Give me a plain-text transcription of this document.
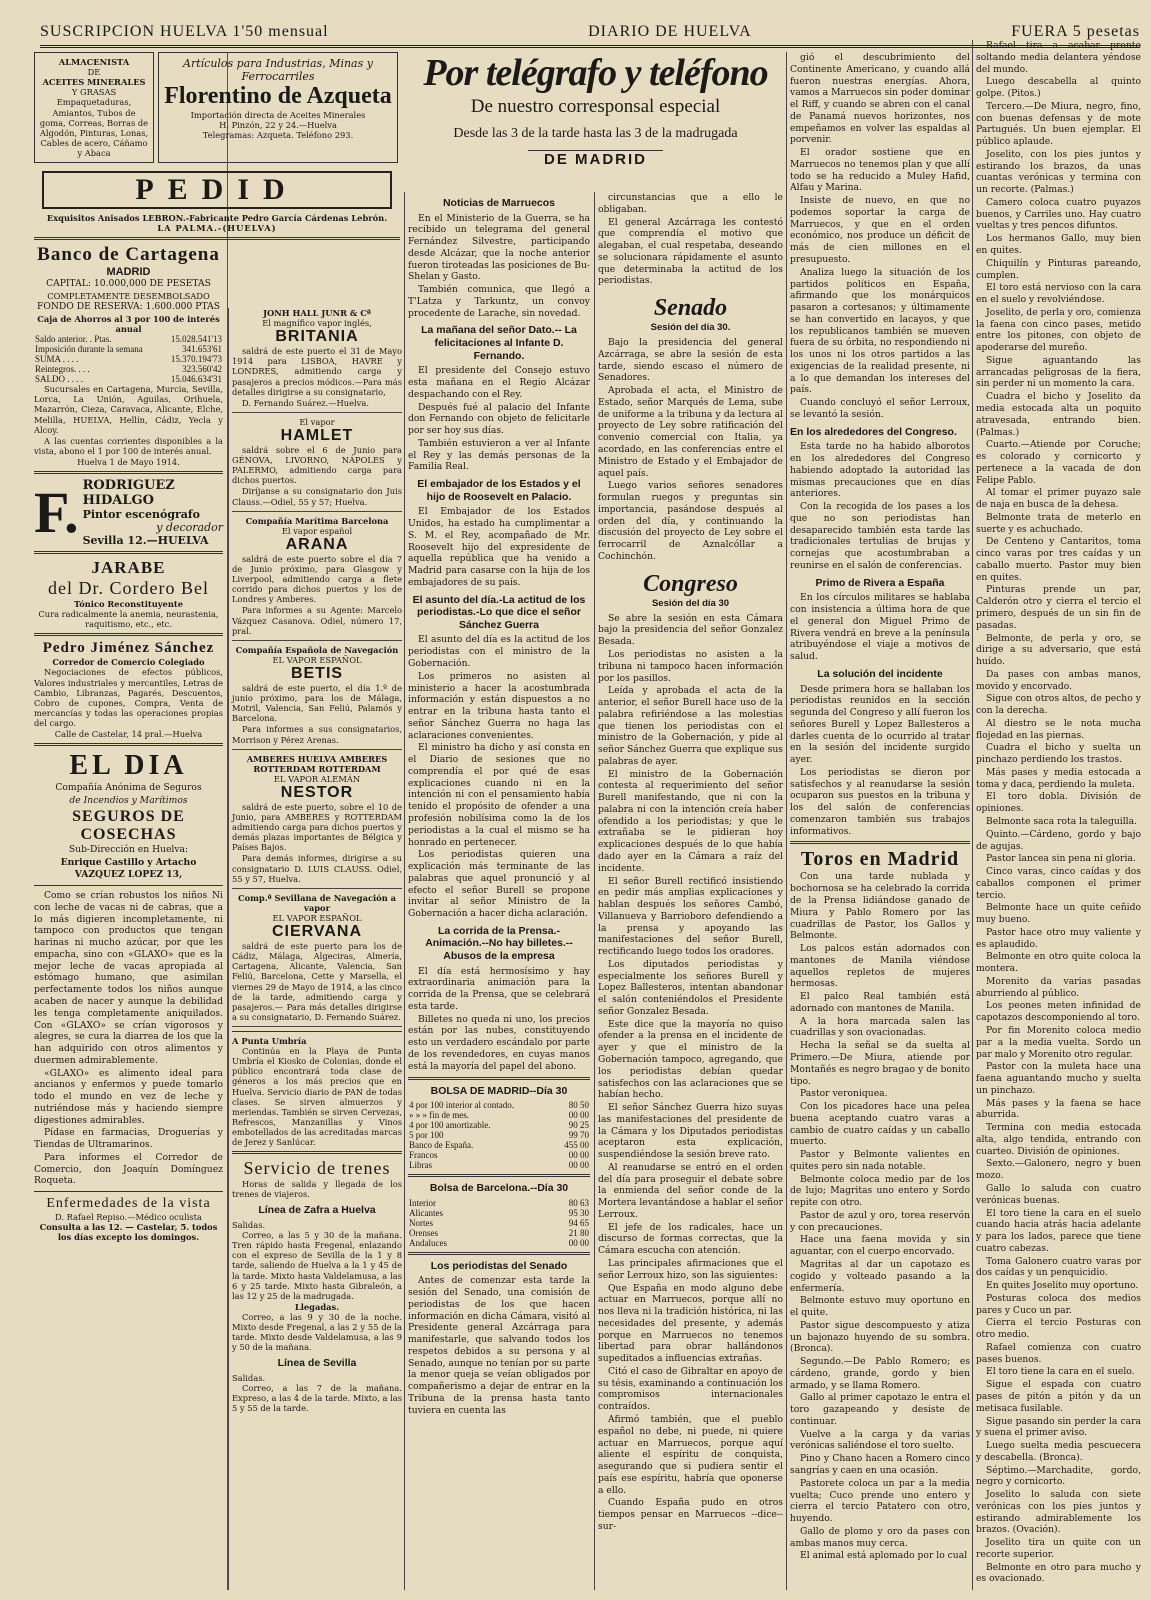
SUSCRIPCION HUELVA 1'50 mensual	DIARIO DE HUELVA	FUERA 5 pesetas
ALMACENISTA
DE
ACEITES MINERALES
Y GRASAS Empaquetaduras, Amiantos, Tubos de goma, Correas, Borras de Algodón, Pinturas, Lonas, Cables de acero, Cáñamo y Abaca
Artículos para Industrias, Minas y Ferrocarriles
Florentino de Azqueta
Importación directa de Aceites Minerales
H. Pinzón, 22 y 24.—Huelva
Telegramas: Azqueta. Teléfono 293.
PEDID
Exquisitos Anisados LEBRON.-Fabricante Pedro García Cárdenas Lebrón.
LA PALMA.-(HUELVA)
Banco de Cartagena
MADRID
CAPITAL: 10.000,000 DE PESETAS
COMPLETAMENTE DESEMBOLSADO
FONDO DE RESERVA: 1.600.000 PTAS
Caja de Ahorros al 3 por 100 de interés anual
Saldo anterior. . Ptas.	15.028.541'13
Imposición durante la semana	341.653'61
SUMA . . . .	15.370.194'73
Reintegros. . . .	323.560'42
SALDO . . . .	15.046.634'31
Sucursales en Cartagena, Murcia, Sevilla, Lorca, La Unión, Aguilas, Orihuela, Mazarrón, Cieza, Caravaca, Alicante, Elche, Melilla, HUELVA, Hellín, Cádiz, Yecla y Alcoy.
A las cuentas corrientes disponibles a la vista, abono el 1 por 100 de interés anual.
Huelva 1 de Mayo 1914.
F. RODRIGUEZ HIDALGO
Pintor escenógrafo
y decorador
Sevilla 12.—HUELVA
JARABE
del Dr. Cordero Bel
Tónico Reconstituyente
Cura radicalmente la anemia, neurastenia, raquitismo, etc., etc.
Pedro Jiménez Sánchez
Corredor de Comercio Colegiado
Negociaciones de efectos públicos, Valores industriales y mercantiles, Letras de Cambio, Libranzas, Pagarés, Descuentos, Cobro de cupones, Compra, Venta de mercancías y todas las operaciones propias del cargo.
Calle de Castelar, 14 pral.—Huelva
EL DIA
Compañía Anónima de Seguros
de Incendios y Marítimos
SEGUROS DE COSECHAS
Sub-Dirección en Huelva:
Enrique Castillo y Artacho
VAZQUEZ LOPEZ 13,
Como se crían robustos los niños Ni con leche de vacas ni de cabras, que a lo más digieren incompletamente, ni tampoco con productos que tengan harinas ni mucho azúcar, por que les empacha, sino con «GLAXO» que es la mejor leche de vacas apropiada al estómago humano, que asimilan perfectamente todos los niños aunque acaben de nacer y aunque la debilidad les tenga completamente aniquilados. Con «GLAXO» se crían vigorosos y alegres, se cura la diarrea de los que la han adquirido con otros alimentos y duermen admirablemente.
«GLAXO» es alimento ideal para ancianos y enfermos y puede tomarlo todo el mundo en vez de leche y nutriéndose más y haciendo siempre digestiones admirables.
Pídase en farmacias, Droguerías y Tiendas de Ultramarinos.
Para informes el Corredor de Comercio, don Joaquín Domínguez Roqueta.
Enfermedades de la vista
D. Rafael Repiso.—Médico oculista
Consulta a las 12. — Castelar, 5. todos los días excepto los domingos.
JONH HALL JUNR & Cª
El magnífico vapor inglés,
BRITANIA
saldrá de este puerto el 31 de Mayo 1914 para LISBOA, HAVRE y LONDRES, admitiendo carga y pasajeros a precios módicos.—Para más detalles dirigirse a su consignatario,
D. Fernando Suárez.—Huelva.
El vapor
HAMLET
saldrá sobre el 6 de Junio para GÉNOVA, LIVORNO, NÁPOLES y PALERMO, admitiendo carga para dichos puertos.
Diríjanse a su consignatario don Juis Clauss.—Odiel, 55 y 57; Huelva.
Compañía Marítima Barcelona
El vapor español
ARANA
saldrá de este puerto sobre el día 7 de Junio próximo, para Glasgow y Liverpool, admitiendo carga a flete corrido para dichos puertos y los de Londres y Amberes.
Para informes a su Agente: Marcelo Vázquez Casanova. Odiel, número 17, pral.
Compañía Española de Navegación
EL VAPOR ESPAÑOL
BETIS
saldrá de este puerto, el día 1.º de junio próximo, para los de Málaga, Motril, Valencia, San Feliú, Palamós y Barcelona.
Para informes a sus consignatarios, Morrison y Pérez Arenas.
AMBERES HUELVA AMBERES ROTTERDAM ROTTERDAM
EL VAPOR ALEMÁN
NESTOR
saldrá de este puerto, sobre el 10 de Junio, para AMBERES y ROTTERDAM admitiendo carga para dichos puertos y demás plazas importantes de Bélgica y Países Bajos.
Para demás informes, dirigirse a su consignatario D. LUIS CLAUSS. Odiel, 55 y 57, Huelva.
Comp.ª Sevillana de Navegación a vapor
EL VAPOR ESPAÑOL
CIERVANA
saldrá de este puerto para los de Cádiz, Málaga, Algeciras, Almería, Cartagena, Alicante, Valencia, San Feliú, Barcelona, Cette y Marsella, el viernes 29 de Mayo de 1914, a las cinco de la tarde, admitiendo carga y pasajeros.— Para más detalles dirigirse a su consignatario, D. Fernando Suárez.
A Punta Umbría
Continúa en la Playa de Punta Umbría el Kiosko de Colonias, donde el público encontrará toda clase de géneros a los más precios que en Huelva. Servicio diario de PAN de todas clases. Se sirven almuerzos y meriendas. También se sirven Cervezas, Refrescos, Manzanillas y Vinos embotellados de las acreditadas marcas de Jerez y Sanlúcar.
Servicio de trenes
Horas de salida y llegada de los trenes de viajeros.
Línea de Zafra a Huelva
Salidas.
Correo, a las 5 y 30 de la mañana. Tren rápido hasta Fregenal, enlazando con el expreso de Sevilla de la 1 y 8 tarde, saliendo de Huelva a la 1 y 45 de la tarde. Mixto hasta Valdelamusa, a las 6 y 25 tarde. Mixto hasta Gibraleón, a las 12 y 25 de la madrugada.
Llegadas.
Correo, a las 9 y 30 de la noche. Mixto desde Fregenal, a las 2 y 55 de la tarde. Mixto desde Valdelamusa, a las 9 y 50 de la mañana.
Línea de Sevilla
Salidas.
Correo, a las 7 de la mañana. Expreso, a las 4 de la tarde. Mixto, a las 5 y 55 de la tarde.
Por telégrafo y teléfono
De nuestro corresponsal especial
Desde las 3 de la tarde hasta las 3 de la madrugada
DE MADRID
Noticias de Marruecos
En el Ministerio de la Guerra, se ha recibido un telegrama del general Fernández Silvestre, participando desde Alcázar, que la noche anterior fueron tiroteadas las posiciones de Bu-Shelan y Gasto.
También comunica, que llegó a T'Latza y Tarkuntz, un convoy procedente de Larache, sin novedad.
La mañana del señor Dato.-- La felicitaciones al Infante D. Fernando.
El presidente del Consejo estuvo esta mañana en el Regio Alcázar despachando con el Rey.
Después fué al palacio del Infante don Fernando con objeto de felicitarle por ser hoy sus días.
También estuvieron a ver al Infante el Rey y las demás personas de la Familia Real.
El embajador de los Estados y el hijo de Roosevelt en Palacio.
El Embajador de los Estados Unidos, ha estado ha cumplimentar a S. M. el Rey, acompañado de Mr. Roosevelt hijo del expresidente de aquella república que ha venido a Madrid para casarse con la hija de los embajadores de su país.
El asunto del día.-La actitud de los periodistas.-Lo que dice el señor Sánchez Guerra
El asunto del día es la actitud de los periodistas con el ministro de la Gobernación.
Los primeros no asisten al ministerio a hacer la acostumbrada información y están dispuestos a no entrar en la tribuna hasta tanto el señor Sánchez Guerra no haga las aclaraciones convenientes.
El ministro ha dicho y así consta en el Diario de sesiones que no comprendía el por qué de esas explicaciones cuando ni en la intención ni con el pensamiento había tenido el propósito de ofender a una profesión nobilísima como la de los periodistas a la cual el mismo se ha honrado en pertenecer.
Los periodistas quieren una explicación más terminante de las palabras que aquel pronunció y al efecto el señor Burell se propone invitar al señor Ministro de la Gobernación a hacer dicha aclaración.
La corrida de la Prensa.-Animación.--No hay billetes.-- Abusos de la empresa
El día está hermosísimo y hay extraordinaria animación para la corrida de la Prensa, que se celebrará esta tarde.
Billetes no queda ni uno, los precios están por las nubes, constituyendo esto un verdadero escándalo por parte de los revendedores, en cuyas manos está la mayoría del papel del abono.
BOLSA DE MADRID--Día 30
4 por 100 interior al contado.	80 50
» » » fin de mes.	00 00
4 por 100 amortizable.	90 25
5 por 100	99 70
Banco de España.	455 00
Francos	00 00
Libras	00 00
Bolsa de Barcelona.--Día 30
Interior	80 63
Alicantes	95 30
Nortes	94 65
Orenses	21 80
Andaluces	00 00
Los periodistas del Senado
Antes de comenzar esta tarde la sesión del Senado, una comisión de periodistas de los que hacen información en dicha Cámara, visitó al Presidente general Azcárraga para manifestarle, que salvando todos los respetos debidos a su persona y al Senado, aunque no tenían por su parte la menor queja se veían obligados por compañerismo a dejar de entrar en la Tribuna de la prensa hasta tanto tuviera en cuenta las
circunstancias que a ello le obligaban.
El general Azcárraga les contestó que comprendía el motivo que alegaban, el cual respetaba, deseando se solucionara rápidamente el asunto que determinaba la actitud de los periodistas.
Senado
Sesión del día 30.
Bajo la presidencia del general Azcárraga, se abre la sesión de esta tarde, siendo escaso el número de Senadores.
Aprobada el acta, el Ministro de Estado, señor Marqués de Lema, sube de uniforme a la tribuna y da lectura al proyecto de Ley sobre ratificación del convenio comercial con Italia, ya acordado, en las conferencias entre el Ministro de Estado y el Embajador de aquel país.
Luego varios señores senadores formulan ruegos y preguntas sin importancia, pasándose después al orden del día, y continuando la discusión del proyecto de Ley sobre el ferrocarril de Aznalcóllar a Cochinchón.
Congreso
Sesión del día 30
Se abre la sesión en esta Cámara bajo la presidencia del señor Gonzalez Besada.
Los periodistas no asisten a la tribuna ni tampoco hacen información por los pasillos.
Leída y aprobada el acta de la anterior, el señor Burell hace uso de la palabra refiriéndose a las molestias que tienen los periodistas con el ministro de la Gobernación, y pide al señor Sánchez Guerra que explique sus palabras de ayer.
El ministro de la Gobernación contesta al requerimiento del señor Burell manifestando, que ni con la palabra ni con la intención creía haber ofendido a los periodistas; y que le extrañaba se le pidieran hoy explicaciones después de lo que había dado ayer en la Cámara a raíz del incidente.
El señor Burell rectificó insistiendo en pedir más amplias explicaciones y hablan después los señores Cambó, Villanueva y Barrioboro defendiendo a la prensa y apoyando las manifestaciones del señor Burell, rectificando luego todos los oradores.
Los diputados periodistas y especialmente los señores Burell y Lopez Ballesteros, intentan abandonar el salón conteniéndolos el Presidente señor Gonzalez Besada.
Este dice que la mayoría no quiso ofender a la prensa en el incidente de ayer y que el ministro de la Gobernación tampoco, agregando, que los periodistas debían quedar satisfechos con las aclaraciones que se habían hecho.
El señor Sánchez Guerra hizo suyas las manifestaciones del presidente de la Cámara y los Diputados periodistas aceptaron esta explicación, suspendiéndose la sesión breve rato.
Al reanudarse se entró en el orden del día para proseguir el debate sobre la enmienda del señor conde de la Mortera levantándose a hablar el señor Lerroux.
El jefe de los radicales, hace un discurso de formas correctas, que la Cámara escucha con atención.
Las principales afirmaciones que el señor Lerroux hizo, son las siguientes:
Que España en modo alguno debe actuar en Marruecos, porque allí no nos lleva ni la tradición histórica, ni las necesidades del presente, y además porque en Marruecos no tenemos libertad para obrar hallándonos supeditados a influencias extrañas.
Citó el caso de Gibraltar en apoyo de su tésis, examinando a continuación los compromisos internacionales contraídos.
Afirmó también, que el pueblo español no debe, ni puede, ni quiere actuar en Marruecos, porque aquí aliente el espíritu de conquista, asegurando que si pudiera sentir el país ese espíritu, habría que oponerse a ello.
Cuando España pudo en otros tiempos pensar en Marruecos --dice--sur-
gió el descubrimiento del Continente Americano, y cuando allá fueron nuestras energías. Ahora, vamos a Marruecos sin poder dominar el Riff, y cuando se abren con el canal de Panamá nuevos horizontes, nos empeñamos en volver las espaldas al porvenir.
El orador sostiene que en Marruecos no tenemos plan y que allí todo se ha reducido a Muley Hafid, Alfau y Marina.
Insiste de nuevo, en que no podemos soportar la carga de Marruecos, y que en el orden económico, nos produce un déficit de más de cien millones en el presupuesto.
Analiza luego la situación de los partidos políticos en España, afirmando que los monárquicos pasaron a cortesanos; y últimamente se han convertido en lacayos, y que los republicanos también se mueven fuera de su órbita, no respondiendo ni los unos ni los otros partidos a las exigencias de la realidad presente, ni a lo que demandan los intereses del país.
Cuando concluyó el señor Lerroux, se levantó la sesión.
En los alrededores del Congreso.
Esta tarde no ha habido alborotos en los alrededores del Congreso habiendo adoptado la autoridad las mismas precauciones que en días anteriores.
Con la recogida de los pases a los que no son periodistas han desaparecido también esta tarde las tradicionales tertulias de brujas y cornejas que acostumbraban a reunirse en el salón de conferencias.
Primo de Rivera a España
En los círculos militares se hablaba con insistencia a última hora de que el general don Miguel Primo de Rivera vendrá en breve a la península atribuyéndose el viaje a motivos de salud.
La solución del incidente
Desde primera hora se hallaban los periodistas reunidos en la sección segunda del Congreso y allí fueron los señores Burell y Lopez Ballesteros a darles cuenta de lo ocurrido al tratar en la sesión del incidente surgido ayer.
Los periodistas se dieron por satisfechos y al reanudarse la sesión ocuparon sus puestos en la tribuna y los del salón de conferencias comenzaron también sus trabajos informativos.
Toros en Madrid
Con una tarde nublada y bochornosa se ha celebrado la corrida de la Prensa lidiándose ganado de Miura y Pablo Romero por las cuadrillas de Pastor, los Gallos y Belmonte.
Los palcos están adornados con mantones de Manila viéndose aquellos repletos de mujeres hermosas.
El palco Real también está adornado con mantones de Manila.
A la hora marcada salen las cuadrillas y son ovacionadas.
Hecha la señal se da suelta al Primero.—De Miura, atiende por Montañés es negro bragao y de bonito tipo.
Pastor veroniquea.
Con los picadores hace una pelea buena aceptando cuatro varas a cambio de cuatro caídas y un caballo muerto.
Pastor y Belmonte valientes en quites pero sin nada notable.
Belmonte coloca medio par de los de lujo; Magritas uno entero y Sordo repite con otro.
Pastor de azul y oro, torea reservón y con precauciones.
Hace una faena movida y sin aguantar, con el cuerpo encorvado.
Magritas al dar un capotazo es cogido y volteado pasando a la enfermería.
Belmonte estuvo muy oportuno en el quite.
Pastor sigue descompuesto y atiza un bajonazo huyendo de su sombra. (Bronca).
Segundo.—De Pablo Romero; es cárdeno, grande, gordo y bien armado, y se llama Romero.
Gallo al primer capotazo le entra el toro gazapeando y desiste de continuar.
Vuelve a la carga y da varias verónicas saliéndose el toro suelto.
Pino y Chano hacen a Romero cinco sangrías y caen en una ocasión.
Pastorete coloca un par a la media vuelta; Cuco prende uno entero y cierra el tercio Patatero con otro, huyendo.
Gallo de plomo y oro da pases con ambas manos muy cerca.
El animal está aplomado por lo cual
Rafael tira a acabar pronto soltando media delantera yéndose del mundo.
Luego descabella al quinto golpe. (Pitos.)
Tercero.—De Miura, negro, fino, con buenas defensas y de mote Partugués. Un buen ejemplar. El público aplaude.
Joselito, con los pies juntos y estirando los brazos, da unas cuantas verónicas y termina con un recorte. (Palmas.)
Camero coloca cuatro puyazos buenos, y Carriles uno. Hay cuatro vueltas y tres pencos difuntos.
Los hermanos Gallo, muy bien en quites.
Chiquilín y Pinturas pareando, cumplen.
El toro está nervioso con la cara en el suelo y revolviéndose.
Joselito, de perla y oro, comienza la faena con cinco pases, metido entre los pitones, con objeto de apoderarse del mureño.
Sigue aguantando las arrancadas peligrosas de la fiera, sin perder ni un momento la cara.
Cuadra el bicho y Joselito da media estocada alta un poquito atravesada, entrando bien. (Palmas.)
Cuarto.—Atiende por Coruche; es colorado y cornicorto y pertenece a la vacada de don Felipe Pablo.
Al tomar el primer puyazo sale de naja en busca de la dehesa.
Belmonte trata de meterlo en suerte y es achuchado.
De Centeno y Cantaritos, toma cinco varas por tres caídas y un caballo muerto. Pastor muy bien en quites.
Pinturas prende un par, Calderón otro y cierra el tercio el primero, después de un sin fin de pasadas.
Belmonte, de perla y oro, se dirige a su adversario, que está huído.
Da pases con ambas manos, movido y encorvado.
Sigue con otros altos, de pecho y con la derecha.
Al diestro se le nota mucha flojedad en las piernas.
Cuadra el bicho y suelta un pinchazo perdiendo los trastos.
Más pases y media estocada a toma y daca, perdiendo la muleta.
El toro dobla. División de opiniones.
Belmonte saca rota la taleguilla.
Quinto.—Cárdeno, gordo y bajo de agujas.
Pastor lancea sin pena ni gloria.
Cinco varas, cinco caídas y dos caballos componen el primer tercio.
Belmonte hace un quite ceñido muy bueno.
Pastor hace otro muy valiente y es aplaudido.
Belmonte en otro quite coloca la montera.
Morenito da varias pasadas aburriendo al público.
Los peones meten infinidad de capotazos descomponiendo al toro.
Por fin Morenito coloca medio par a la media vuelta. Sordo un par malo y Morenito otro regular.
Pastor con la muleta hace una faena aguantando mucho y suelta un pinchazo.
Más pases y la faena se hace aburrida.
Termina con media estocada alta, algo tendida, entrando con cuarteo. División de opiniones.
Sexto.—Galonero, negro y buen mozo.
Gallo lo saluda con cuatro verónicas buenas.
El toro tiene la cara en el suelo cuando hacia atrás hacia adelante y para los lados, parece que tiene cuatro cabezas.
Toma Galonero cuatro varas por dos caídas y un penquicidio.
En quites Joselito muy oportuno.
Posturas coloca dos medios pares y Cuco un par.
Cierra el tercio Posturas con otro medio.
Rafael comienza con cuatro pases buenos.
El toro tiene la cara en el suelo.
Sigue el espada con cuatro pases de pitón a pitón y da un metisaca fusilable.
Sigue pasando sin perder la cara y suena el primer aviso.
Luego suelta media pescuecera y descabella. (Bronca).
Séptimo.—Marchadite, gordo, negro y cornicorto.
Joselito lo saluda con siete verónicas con los pies juntos y estirando admirablemente los brazos. (Ovación).
Joselito tira un quite con un recorte superior.
Belmonte en otro para mucho y es ovacionado.
